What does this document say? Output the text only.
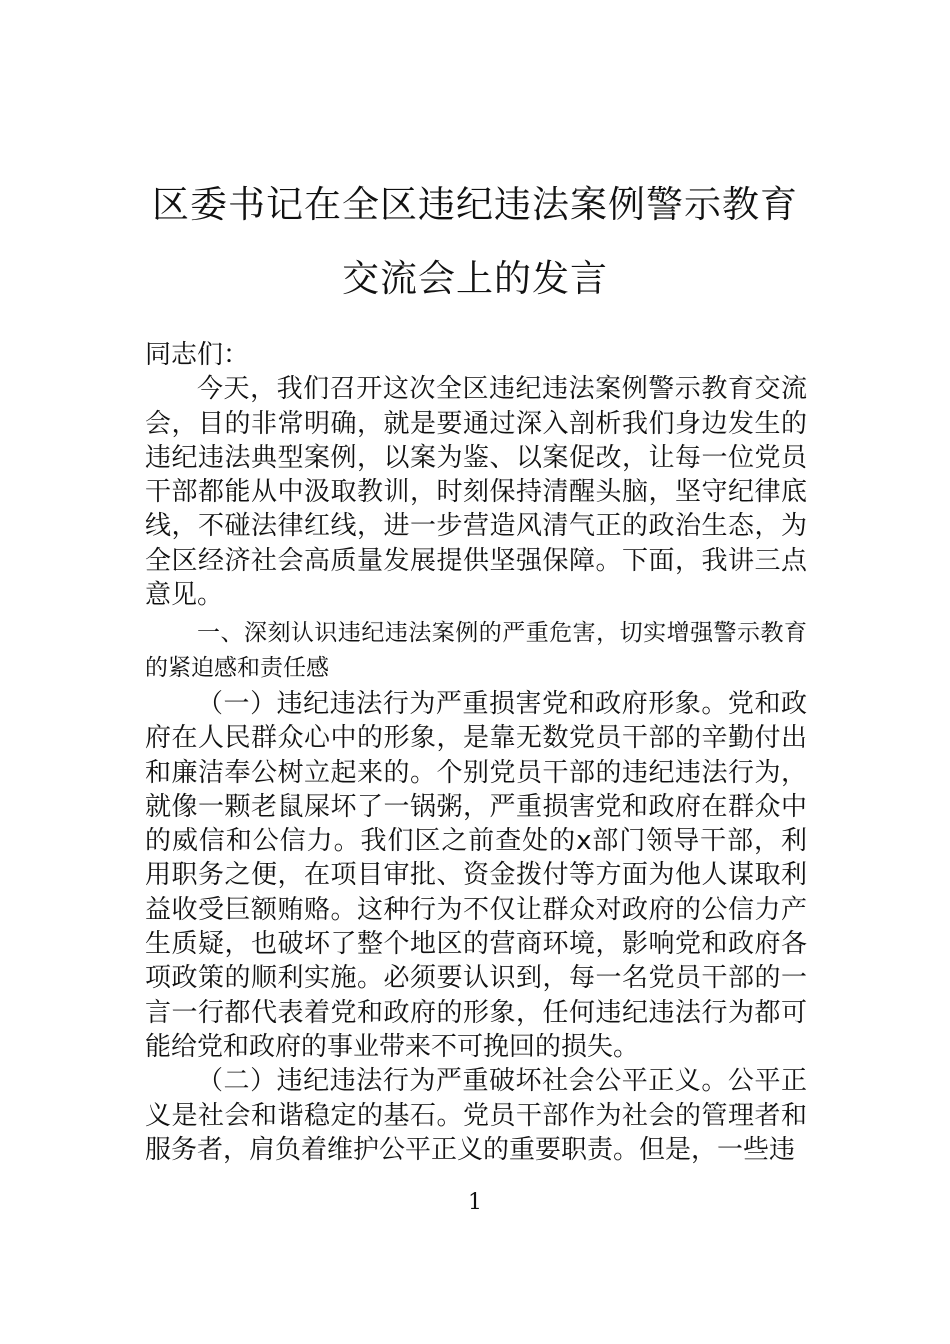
区委书记在全区违纪违法案例警示教育交流会上的发言

同志们：

今天，我们召开这次全区违纪违法案例警示教育交流会，目的非常明确，就是要通过深入剖析我们身边发生的违纪违法典型案例，以案为鉴、以案促改，让每一位党员干部都能从中汲取教训，时刻保持清醒头脑，坚守纪律底线，不碰法律红线，进一步营造风清气正的政治生态，为全区经济社会高质量发展提供坚强保障。下面，我讲三点意见。

一、深刻认识违纪违法案例的严重危害，切实增强警示教育的紧迫感和责任感

（一）违纪违法行为严重损害党和政府形象。党和政府在人民群众心中的形象，是靠无数党员干部的辛勤付出和廉洁奉公树立起来的。个别党员干部的违纪违法行为，就像一颗老鼠屎坏了一锅粥，严重损害党和政府在群众中的威信和公信力。我们区之前查处的x部门领导干部，利用职务之便，在项目审批、资金拨付等方面为他人谋取利益收受巨额贿赂。这种行为不仅让群众对政府的公信力产生质疑，也破坏了整个地区的营商环境，影响党和政府各项政策的顺利实施。必须要认识到，每一名党员干部的一言一行都代表着党和政府的形象，任何违纪违法行为都可能给党和政府的事业带来不可挽回的损失。

（二）违纪违法行为严重破坏社会公平正义。公平正义是社会和谐稳定的基石。党员干部作为社会的管理者和服务者，肩负着维护公平正义的重要职责。但是，一些违

1
